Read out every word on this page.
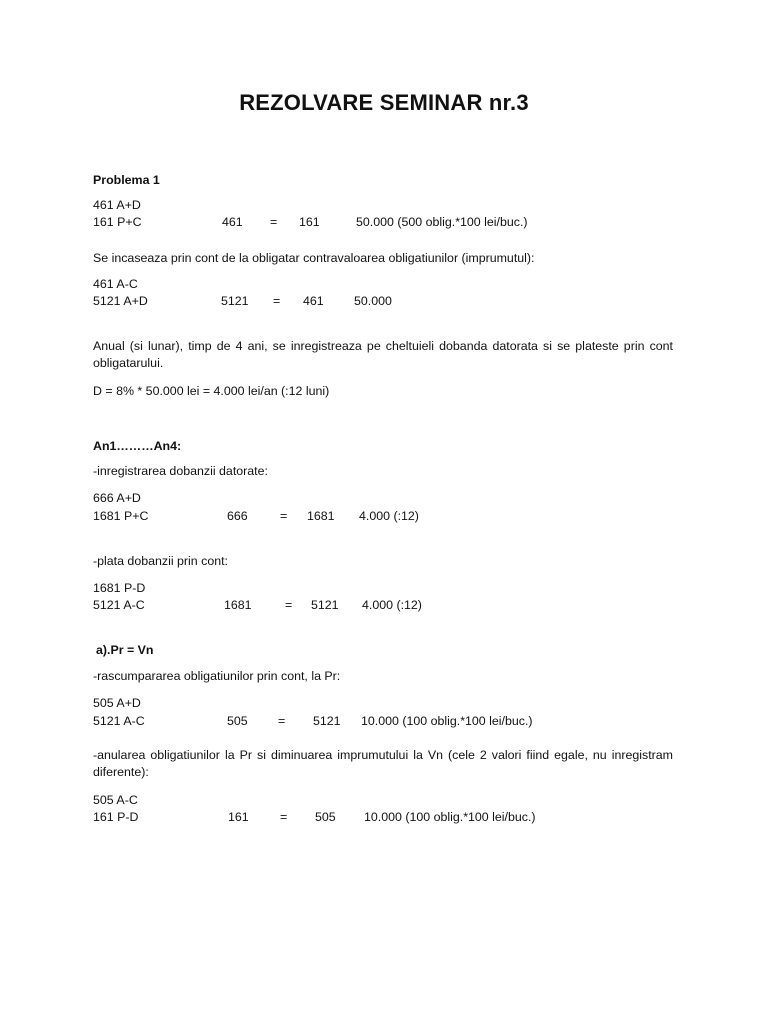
REZOLVARE SEMINAR nr.3
Problema 1
461 A+D
161 P+C	461 = 161	50.000 (500 oblig.*100 lei/buc.)
Se incaseaza prin cont de la obligatar contravaloarea obligatiunilor (imprumutul):
461 A-C
5121 A+D	5121 = 461 50.000
Anual (si lunar), timp de 4 ani, se inregistreaza pe cheltuieli dobanda datorata si se plateste prin cont obligatarului.
D = 8% * 50.000 lei = 4.000 lei/an (:12 luni)
An1………An4:
-inregistrarea dobanzii datorate:
666 A+D
1681 P+C	666	= 1681 4.000 (:12)
-plata dobanzii prin cont:
1681 P-D
5121 A-C	1681	= 5121 4.000 (:12)
a).Pr = Vn
-rascumpararea obligatiunilor prin cont, la Pr:
505 A+D
5121 A-C	505 = 5121 10.000 (100 oblig.*100 lei/buc.)
-anularea obligatiunilor la Pr si diminuarea imprumutului la Vn (cele 2 valori fiind egale, nu inregistram diferente):
505 A-C
161 P-D	161	= 505 10.000 (100 oblig.*100 lei/buc.)
